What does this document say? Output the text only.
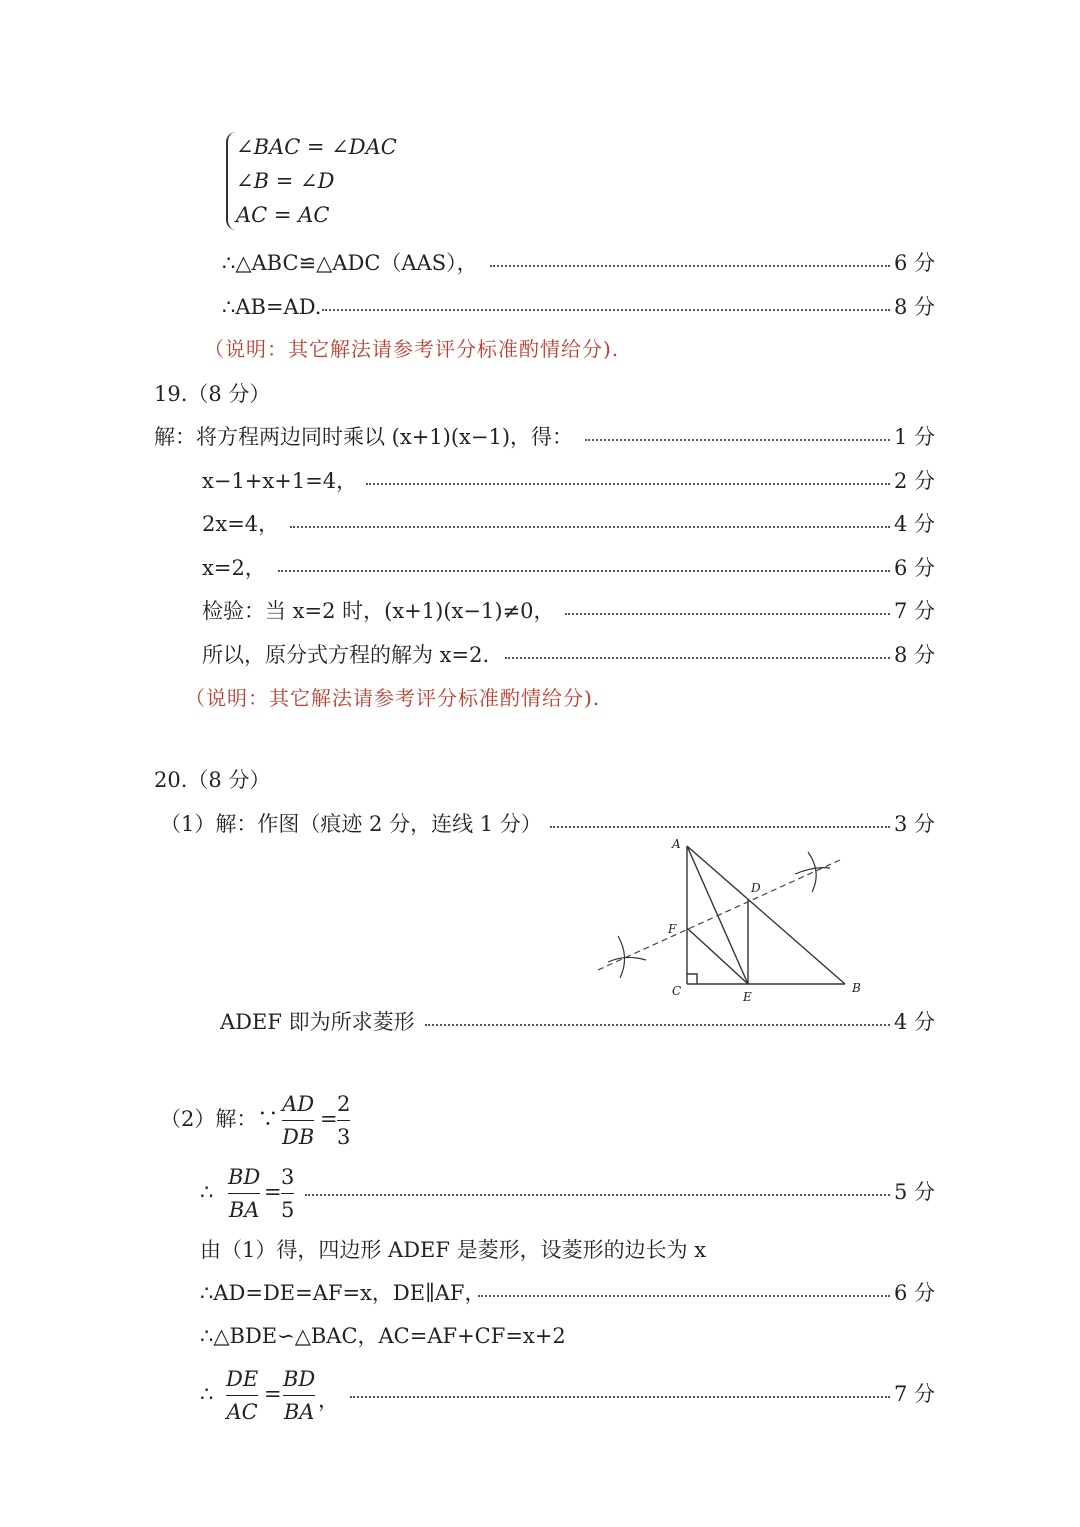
∠BAC = ∠DAC
∠B = ∠D
AC = AC
∴△ABC≌△ADC（AAS），	6 分
∴AB=AD.	8 分
（说明：其它解法请参考评分标准酌情给分).
19.（8 分）
解：将方程两边同时乘以 (x+1)(x−1)，得：	1 分
x−1+x+1=4，	2 分
2x=4，	4 分
x=2，	6 分
检验：当 x=2 时，(x+1)(x−1)≠0，	7 分
所以，原分式方程的解为 x=2.	8 分
（说明：其它解法请参考评分标准酌情给分).
20.（8 分）
（1）解：作图（痕迹 2 分，连线 1 分）	3 分
A
B
C
D
E
F
ADEF 即为所求菱形	4 分
（2）解：∵
AD
DB
=
2
3
∴
BD
BA
=
3
5
5 分
由（1）得，四边形 ADEF 是菱形，设菱形的边长为 x
∴AD=DE=AF=x，DE∥AF，	6 分
∴△BDE∽△BAC，AC=AF+CF=x+2
∴
DE
AC
=
BD
BA ，	7 分
